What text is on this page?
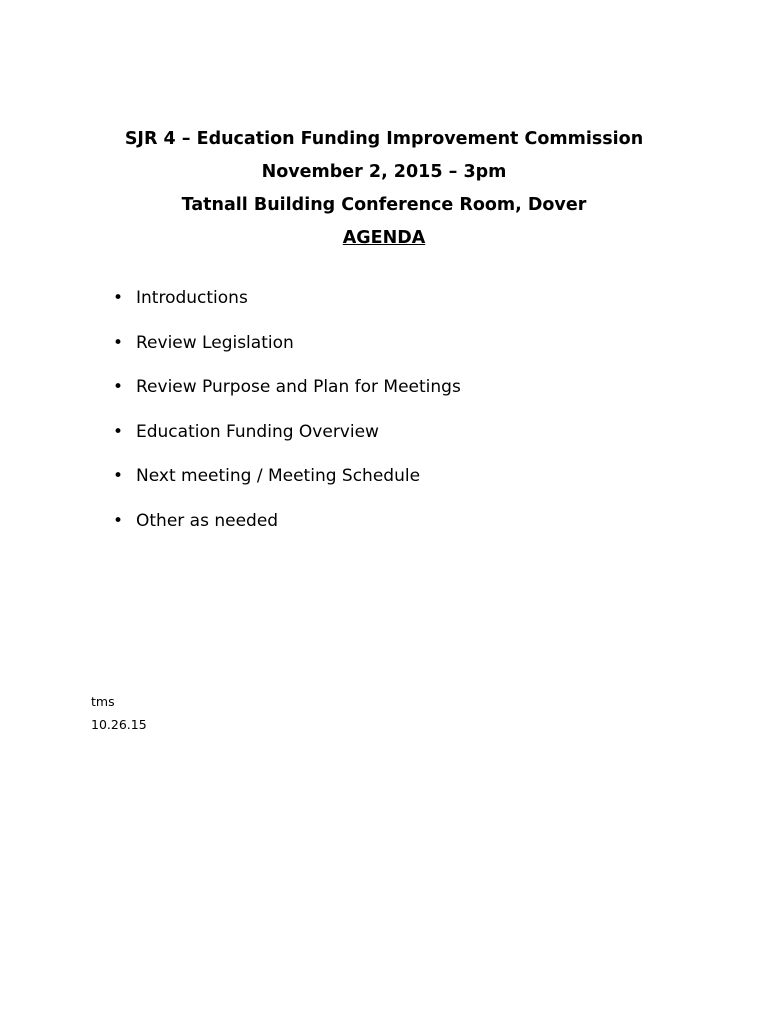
SJR 4 – Education Funding Improvement Commission
November 2, 2015 – 3pm
Tatnall Building Conference Room, Dover
AGENDA
• Introductions
• Review Legislation
• Review Purpose and Plan for Meetings
• Education Funding Overview
• Next meeting / Meeting Schedule
• Other as needed
tms
10.26.15
